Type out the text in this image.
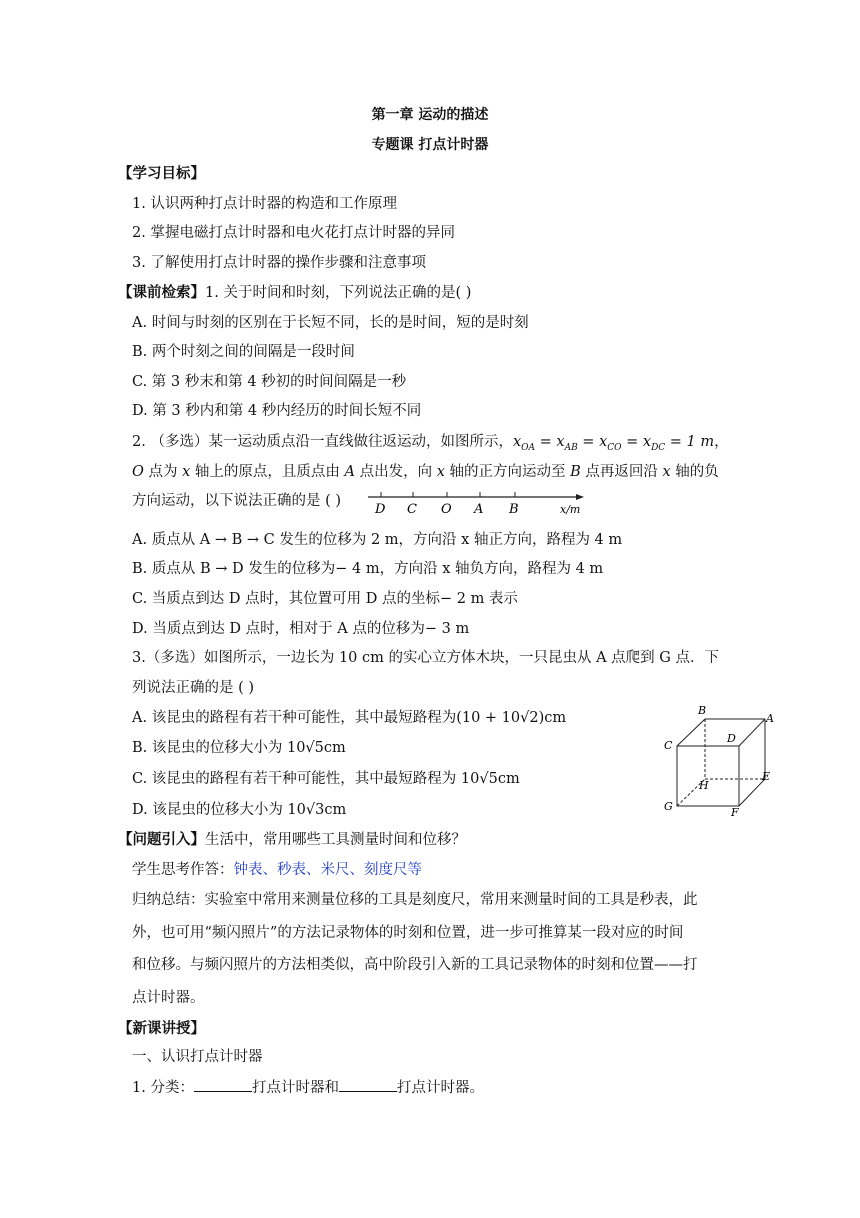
第一章 运动的描述
专题课 打点计时器
【学习目标】
1. 认识两种打点计时器的构造和工作原理
2. 掌握电磁打点计时器和电火花打点计时器的异同
3. 了解使用打点计时器的操作步骤和注意事项
【课前检索】1. 关于时间和时刻，下列说法正确的是( )
A. 时间与时刻的区别在于长短不同，长的是时间，短的是时刻
B. 两个时刻之间的间隔是一段时间
C. 第 3 秒末和第 4 秒初的时间间隔是一秒
D. 第 3 秒内和第 4 秒内经历的时间长短不同
2. （多选）某一运动质点沿一直线做往返运动，如图所示，$x_{OA} = x_{AB} = x_{CO} = x_{DC} = 1$ m，
O 点为 x 轴上的原点，且质点由 A 点出发，向 x 轴的正方向运动至 B 点再返回沿 x 轴的负
方向运动，以下说法正确的是 ( )
D C O A B	x/m
A. 质点从 A → B → C 发生的位移为 2 m，方向沿 x 轴正方向，路程为 4 m
B. 质点从 B → D 发生的位移为− 4 m，方向沿 x 轴负方向，路程为 4 m
C. 当质点到达 D 点时，其位置可用 D 点的坐标− 2 m 表示
D. 当质点到达 D 点时，相对于 A 点的位移为− 3 m
3.（多选）如图所示，一边长为 10 cm 的实心立方体木块，一只昆虫从 A 点爬到 G 点．下
列说法正确的是 ( )
A. 该昆虫的路程有若干种可能性，其中最短路程为(10 + 10√2)cm
B. 该昆虫的位移大小为 10√5cm
C. 该昆虫的路程有若干种可能性，其中最短路程为 10√5cm
D. 该昆虫的位移大小为 10√3cm
B
A
C
D
E
H
G	F
【问题引入】生活中，常用哪些工具测量时间和位移？
学生思考作答：钟表、秒表、米尺、刻度尺等
归纳总结：实验室中常用来测量位移的工具是刻度尺，常用来测量时间的工具是秒表，此
外，也可用“频闪照片”的方法记录物体的时刻和位置，进一步可推算某一段对应的时间
和位移。与频闪照片的方法相类似，高中阶段引入新的工具记录物体的时刻和位置——打
点计时器。
【新课讲授】
一、认识打点计时器
1. 分类：	打点计时器和	打点计时器。
